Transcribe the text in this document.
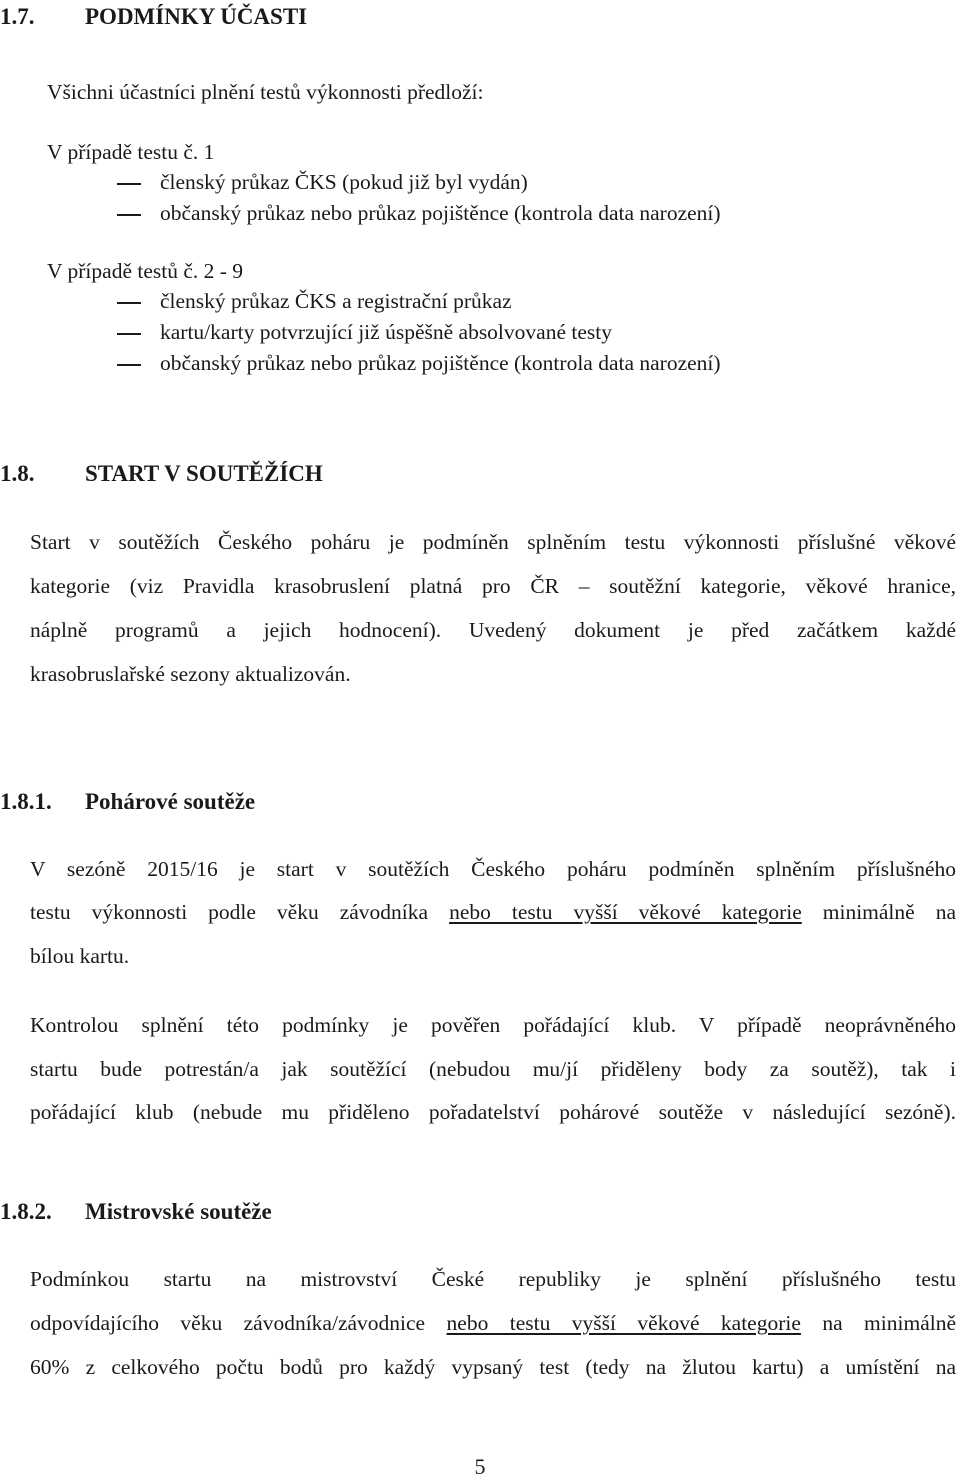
1.7. PODMÍNKY ÚČASTI
Všichni účastníci plnění testů výkonnosti předloží:
V případě testu č. 1
členský průkaz ČKS (pokud již byl vydán)
občanský průkaz nebo průkaz pojištěnce (kontrola data narození)
V případě testů č. 2 - 9
členský průkaz ČKS a registrační průkaz
kartu/karty potvrzující již úspěšně absolvované testy
občanský průkaz nebo průkaz pojištěnce (kontrola data narození)
1.8. START V SOUTĚŽÍCH
Start v soutěžích Českého poháru je podmíněn splněním testu výkonnosti příslušné věkové
kategorie (viz Pravidla krasobruslení platná pro ČR – soutěžní kategorie, věkové hranice,
náplně programů a jejich hodnocení). Uvedený dokument je před začátkem každé
krasobruslařské sezony aktualizován.
1.8.1. Pohárové soutěže
V sezóně 2015/16 je start v soutěžích Českého poháru podmíněn splněním příslušného
testu výkonnosti podle věku závodníka nebo testu vyšší věkové kategorie minimálně na
bílou kartu.
Kontrolou splnění této podmínky je pověřen pořádající klub. V případě neoprávněného
startu bude potrestán/a jak soutěžící (nebudou mu/jí přiděleny body za soutěž), tak i
pořádající klub (nebude mu přiděleno pořadatelství pohárové soutěže v následující sezóně).
1.8.2. Mistrovské soutěže
Podmínkou startu na mistrovství České republiky je splnění příslušného testu
odpovídajícího věku závodníka/závodnice nebo testu vyšší věkové kategorie na minimálně
60% z celkového počtu bodů pro každý vypsaný test (tedy na žlutou kartu) a umístění na
5
